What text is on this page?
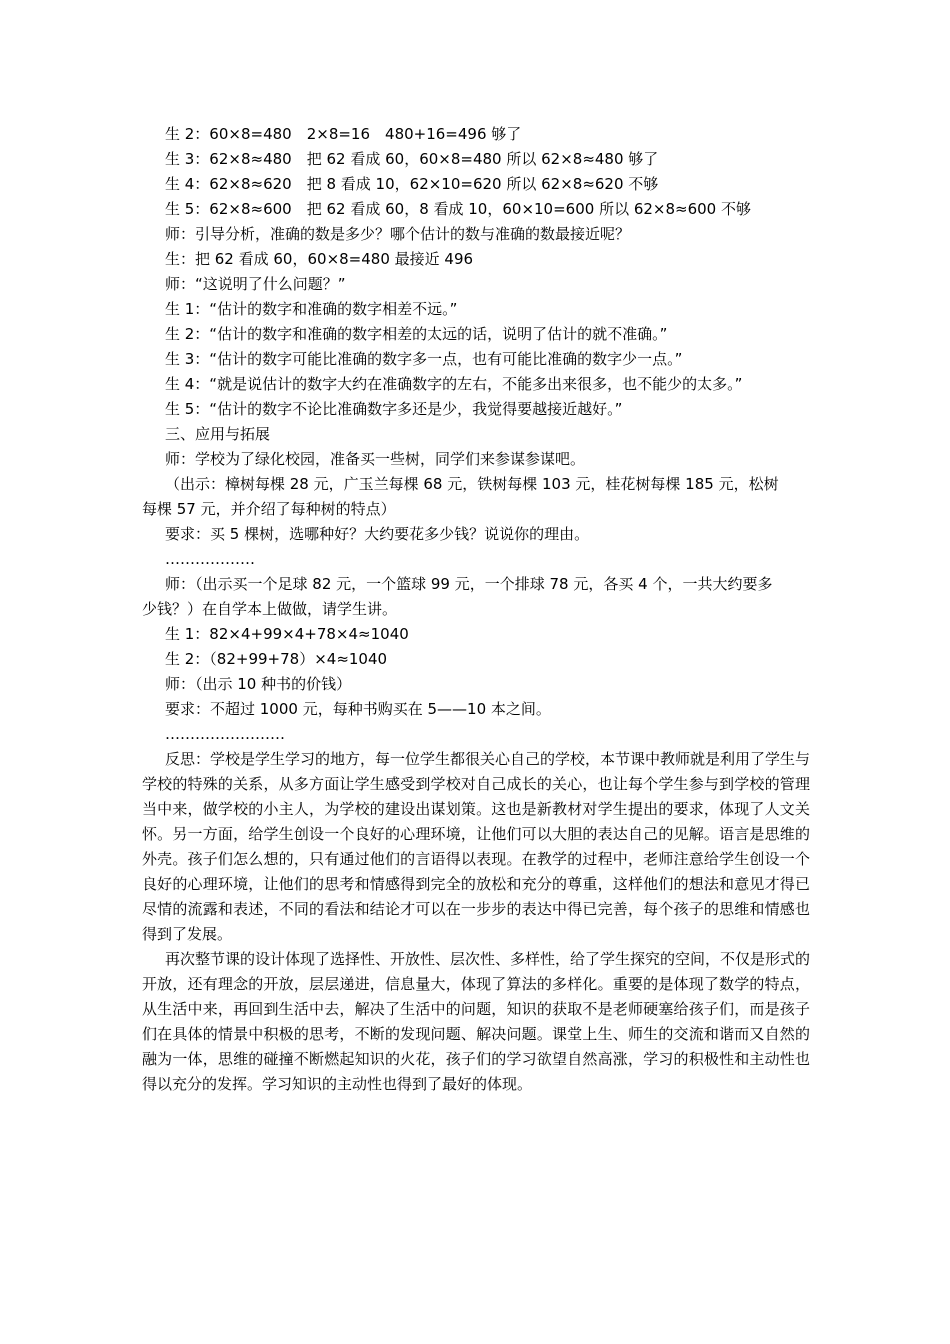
生 2：60×8=480　2×8=16　480+16=496 够了
生 3：62×8≈480　把 62 看成 60，60×8=480 所以 62×8≈480 够了
生 4：62×8≈620　把 8 看成 10，62×10=620 所以 62×8≈620 不够
生 5：62×8≈600　把 62 看成 60，8 看成 10，60×10=600 所以 62×8≈600 不够
师：引导分析，准确的数是多少？哪个估计的数与准确的数最接近呢？
生：把 62 看成 60，60×8=480 最接近 496
师：“这说明了什么问题？”
生 1：“估计的数字和准确的数字相差不远。”
生 2：“估计的数字和准确的数字相差的太远的话，说明了估计的就不准确。”
生 3：“估计的数字可能比准确的数字多一点，也有可能比准确的数字少一点。”
生 4：“就是说估计的数字大约在准确数字的左右，不能多出来很多，也不能少的太多。”
生 5：“估计的数字不论比准确数字多还是少，我觉得要越接近越好。”
三、应用与拓展
师：学校为了绿化校园，准备买一些树，同学们来参谋参谋吧。
（出示：樟树每棵 28 元，广玉兰每棵 68 元，铁树每棵 103 元，桂花树每棵 185 元，松树
每棵 57 元，并介绍了每种树的特点）
要求：买 5 棵树，选哪种好？大约要花多少钱？说说你的理由。
………………
师：（出示买一个足球 82 元，一个篮球 99 元，一个排球 78 元，各买 4 个，一共大约要多
少钱？）在自学本上做做，请学生讲。
生 1：82×4+99×4+78×4≈1040
生 2：（82+99+78）×4≈1040
师：（出示 10 种书的价钱）
要求：不超过 1000 元，每种书购买在 5——10 本之间。
……………………

反思：学校是学生学习的地方，每一位学生都很关心自己的学校，本节课中教师就是利用了学生与学校的特殊的关系，从多方面让学生感受到学校对自己成长的关心，也让每个学生参与到学校的管理当中来，做学校的小主人，为学校的建设出谋划策。这也是新教材对学生提出的要求，体现了人文关怀。另一方面，给学生创设一个良好的心理环境，让他们可以大胆的表达自己的见解。语言是思维的外壳。孩子们怎么想的，只有通过他们的言语得以表现。在教学的过程中，老师注意给学生创设一个良好的心理环境，让他们的思考和情感得到完全的放松和充分的尊重，这样他们的想法和意见才得已尽情的流露和表述，不同的看法和结论才可以在一步步的表达中得已完善，每个孩子的思维和情感也得到了发展。

再次整节课的设计体现了选择性、开放性、层次性、多样性，给了学生探究的空间，不仅是形式的开放，还有理念的开放，层层递进，信息量大，体现了算法的多样化。重要的是体现了数学的特点，从生活中来，再回到生活中去，解决了生活中的问题，知识的获取不是老师硬塞给孩子们，而是孩子们在具体的情景中积极的思考，不断的发现问题、解决问题。课堂上生、师生的交流和谐而又自然的融为一体，思维的碰撞不断燃起知识的火花，孩子们的学习欲望自然高涨，学习的积极性和主动性也得以充分的发挥。学习知识的主动性也得到了最好的体现。
